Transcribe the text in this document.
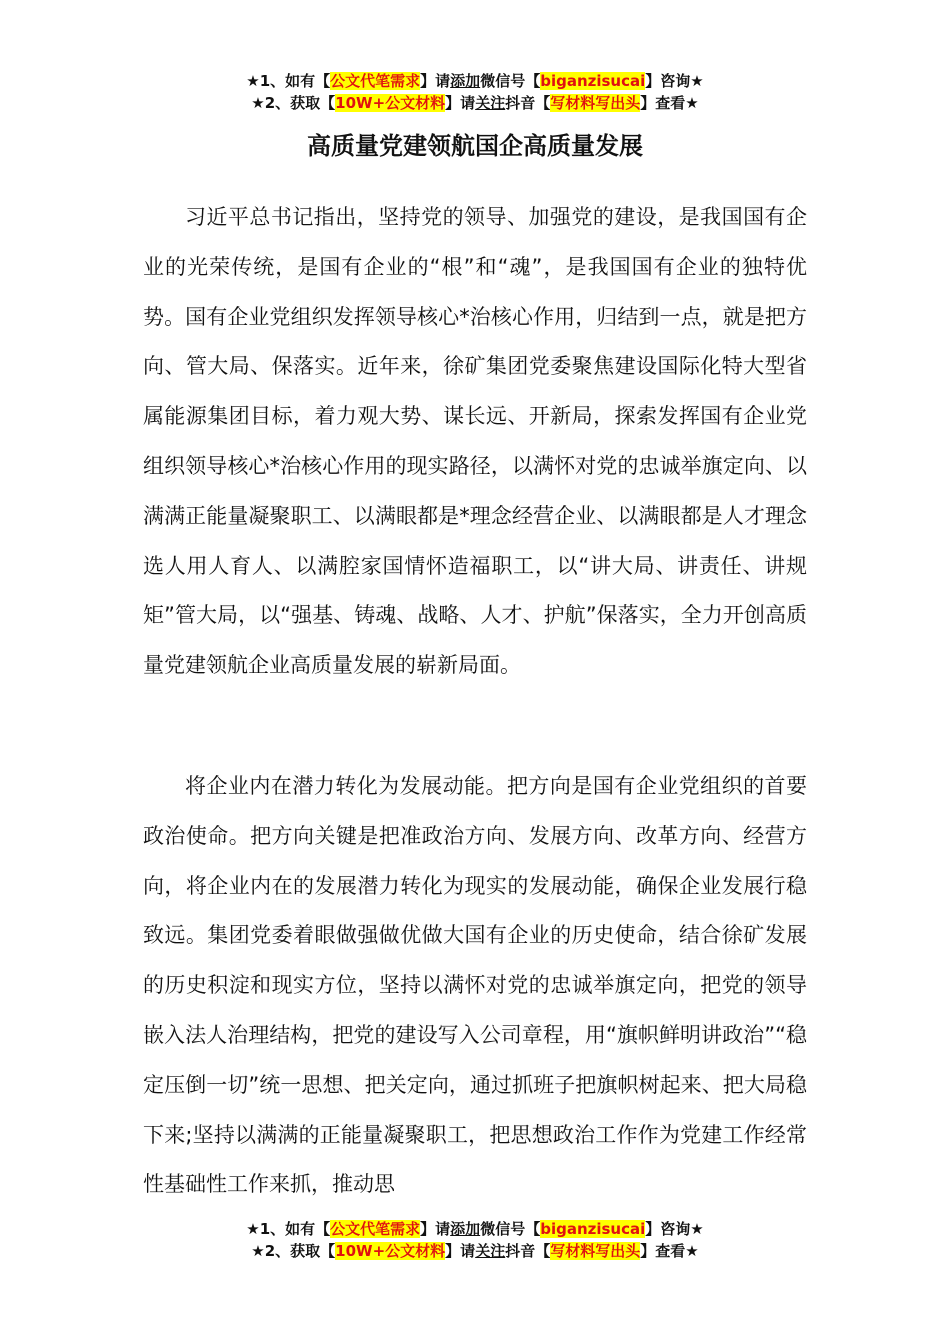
★1、如有【公文代笔需求】请添加微信号【biganzisucai】咨询★
★2、获取【10W+公文材料】请关注抖音【写材料写出头】查看★
高质量党建领航国企高质量发展

习近平总书记指出，坚持党的领导、加强党的建设，是我国国有企业的光荣传统，是国有企业的“根”和“魂”，是我国国有企业的独特优势。国有企业党组织发挥领导核心*治核心作用，归结到一点，就是把方向、管大局、保落实。近年来，徐矿集团党委聚焦建设国际化特大型省属能源集团目标，着力观大势、谋长远、开新局，探索发挥国有企业党组织领导核心*治核心作用的现实路径，以满怀对党的忠诚举旗定向、以满满正能量凝聚职工、以满眼都是*理念经营企业、以满眼都是人才理念选人用人育人、以满腔家国情怀造福职工，以“讲大局、讲责任、讲规矩”管大局，以“强基、铸魂、战略、人才、护航”保落实，全力开创高质量党建领航企业高质量发展的崭新局面。

将企业内在潜力转化为发展动能。把方向是国有企业党组织的首要政治使命。把方向关键是把准政治方向、发展方向、改革方向、经营方向，将企业内在的发展潜力转化为现实的发展动能，确保企业发展行稳致远。集团党委着眼做强做优做大国有企业的历史使命，结合徐矿发展的历史积淀和现实方位，坚持以满怀对党的忠诚举旗定向，把党的领导嵌入法人治理结构，把党的建设写入公司章程，用“旗帜鲜明讲政治”“稳定压倒一切”统一思想、把关定向，通过抓班子把旗帜树起来、把大局稳下来;坚持以满满的正能量凝聚职工，把思想政治工作作为党建工作经常性基础性工作来抓，推动思

★1、如有【公文代笔需求】请添加微信号【biganzisucai】咨询★
★2、获取【10W+公文材料】请关注抖音【写材料写出头】查看★
